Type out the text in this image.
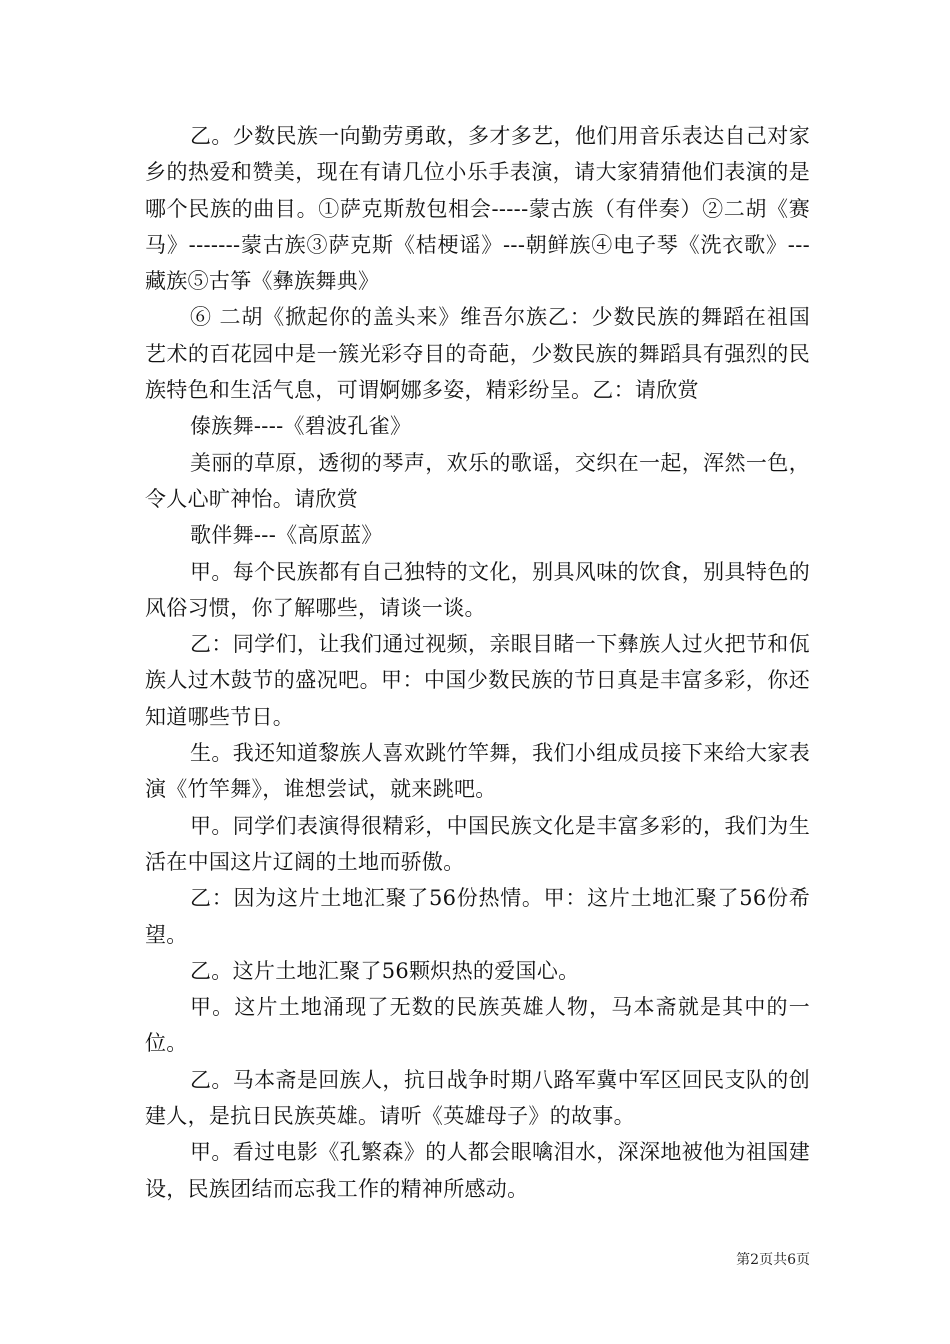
乙。少数民族一向勤劳勇敢，多才多艺，他们用音乐表达自己对家乡的热爱和赞美，现在有请几位小乐手表演，请大家猜猜他们表演的是哪个民族的曲目。①萨克斯敖包相会-----蒙古族（有伴奏）②二胡《赛马》-------蒙古族③萨克斯《桔梗谣》---朝鲜族④电子琴《洗衣歌》---藏族⑤古筝《彝族舞典》

⑥ 二胡《掀起你的盖头来》维吾尔族乙：少数民族的舞蹈在祖国艺术的百花园中是一簇光彩夺目的奇葩，少数民族的舞蹈具有强烈的民族特色和生活气息，可谓婀娜多姿，精彩纷呈。乙：请欣赏

傣族舞----《碧波孔雀》

美丽的草原，透彻的琴声，欢乐的歌谣，交织在一起，浑然一色，令人心旷神怡。请欣赏

歌伴舞---《高原蓝》

甲。每个民族都有自己独特的文化，别具风味的饮食，别具特色的风俗习惯，你了解哪些，请谈一谈。

乙：同学们，让我们通过视频，亲眼目睹一下彝族人过火把节和佤族人过木鼓节的盛况吧。甲：中国少数民族的节日真是丰富多彩，你还知道哪些节日。

生。我还知道黎族人喜欢跳竹竿舞，我们小组成员接下来给大家表演《竹竿舞》，谁想尝试，就来跳吧。

甲。同学们表演得很精彩，中国民族文化是丰富多彩的，我们为生活在中国这片辽阔的土地而骄傲。

乙：因为这片土地汇聚了56份热情。甲：这片土地汇聚了56份希望。

乙。这片土地汇聚了56颗炽热的爱国心。

甲。这片土地涌现了无数的民族英雄人物，马本斋就是其中的一位。

乙。马本斋是回族人，抗日战争时期八路军冀中军区回民支队的创建人，是抗日民族英雄。请听《英雄母子》的故事。

甲。看过电影《孔繁森》的人都会眼噙泪水，深深地被他为祖国建设，民族团结而忘我工作的精神所感动。

第2页共6页
